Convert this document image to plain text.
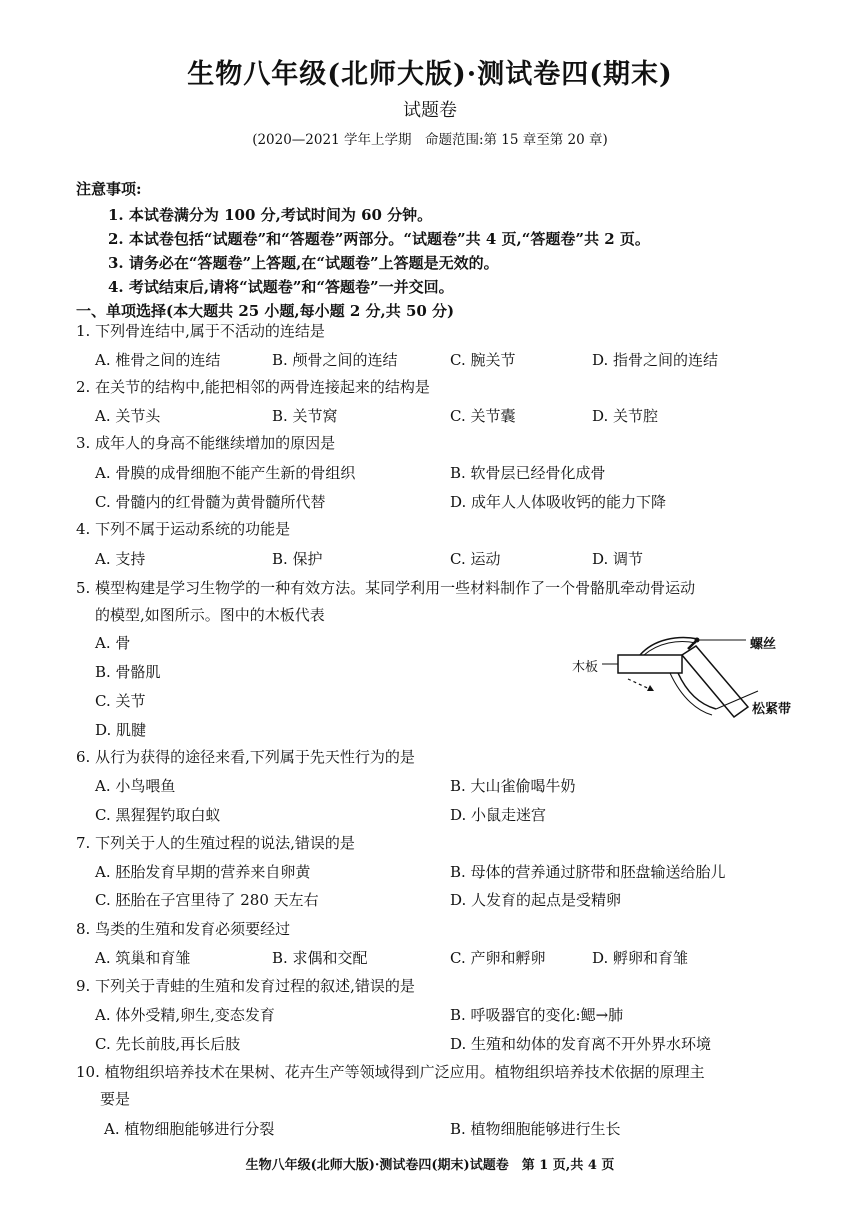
生物八年级(北师大版)·测试卷四(期末)
试题卷
(2020—2021 学年上学期　命题范围:第 15 章至第 20 章)
注意事项:
1. 本试卷满分为 100 分,考试时间为 60 分钟。
2. 本试卷包括“试题卷”和“答题卷”两部分。“试题卷”共 4 页,“答题卷”共 2 页。
3. 请务必在“答题卷”上答题,在“试题卷”上答题是无效的。
4. 考试结束后,请将“试题卷”和“答题卷”一并交回。
一、单项选择(本大题共 25 小题,每小题 2 分,共 50 分)
1. 下列骨连结中,属于不活动的连结是
A. 椎骨之间的连结	B. 颅骨之间的连结	C. 腕关节	D. 指骨之间的连结
2. 在关节的结构中,能把相邻的两骨连接起来的结构是
A. 关节头	B. 关节窝	C. 关节囊	D. 关节腔
3. 成年人的身高不能继续增加的原因是
A. 骨膜的成骨细胞不能产生新的骨组织	B. 软骨层已经骨化成骨
C. 骨髓内的红骨髓为黄骨髓所代替	D. 成年人人体吸收钙的能力下降
4. 下列不属于运动系统的功能是
A. 支持	B. 保护	C. 运动	D. 调节
5. 模型构建是学习生物学的一种有效方法。某同学利用一些材料制作了一个骨骼肌牵动骨运动
的模型,如图所示。图中的木板代表
A. 骨
B. 骨骼肌
C. 关节
D. 肌腱
螺丝
木板
松紧带
6. 从行为获得的途径来看,下列属于先天性行为的是
A. 小鸟喂鱼	B. 大山雀偷喝牛奶
C. 黑猩猩钓取白蚁	D. 小鼠走迷宫
7. 下列关于人的生殖过程的说法,错误的是
A. 胚胎发育早期的营养来自卵黄	B. 母体的营养通过脐带和胚盘输送给胎儿
C. 胚胎在子宫里待了 280 天左右	D. 人发育的起点是受精卵
8. 鸟类的生殖和发育必须要经过
A. 筑巢和育雏	B. 求偶和交配	C. 产卵和孵卵	D. 孵卵和育雏
9. 下列关于青蛙的生殖和发育过程的叙述,错误的是
A. 体外受精,卵生,变态发育	B. 呼吸器官的变化:鳃→肺
C. 先长前肢,再长后肢	D. 生殖和幼体的发育离不开外界水环境
10. 植物组织培养技术在果树、花卉生产等领域得到广泛应用。植物组织培养技术依据的原理主
要是
A. 植物细胞能够进行分裂	B. 植物细胞能够进行生长
生物八年级(北师大版)·测试卷四(期末)试题卷　第 1 页,共 4 页
